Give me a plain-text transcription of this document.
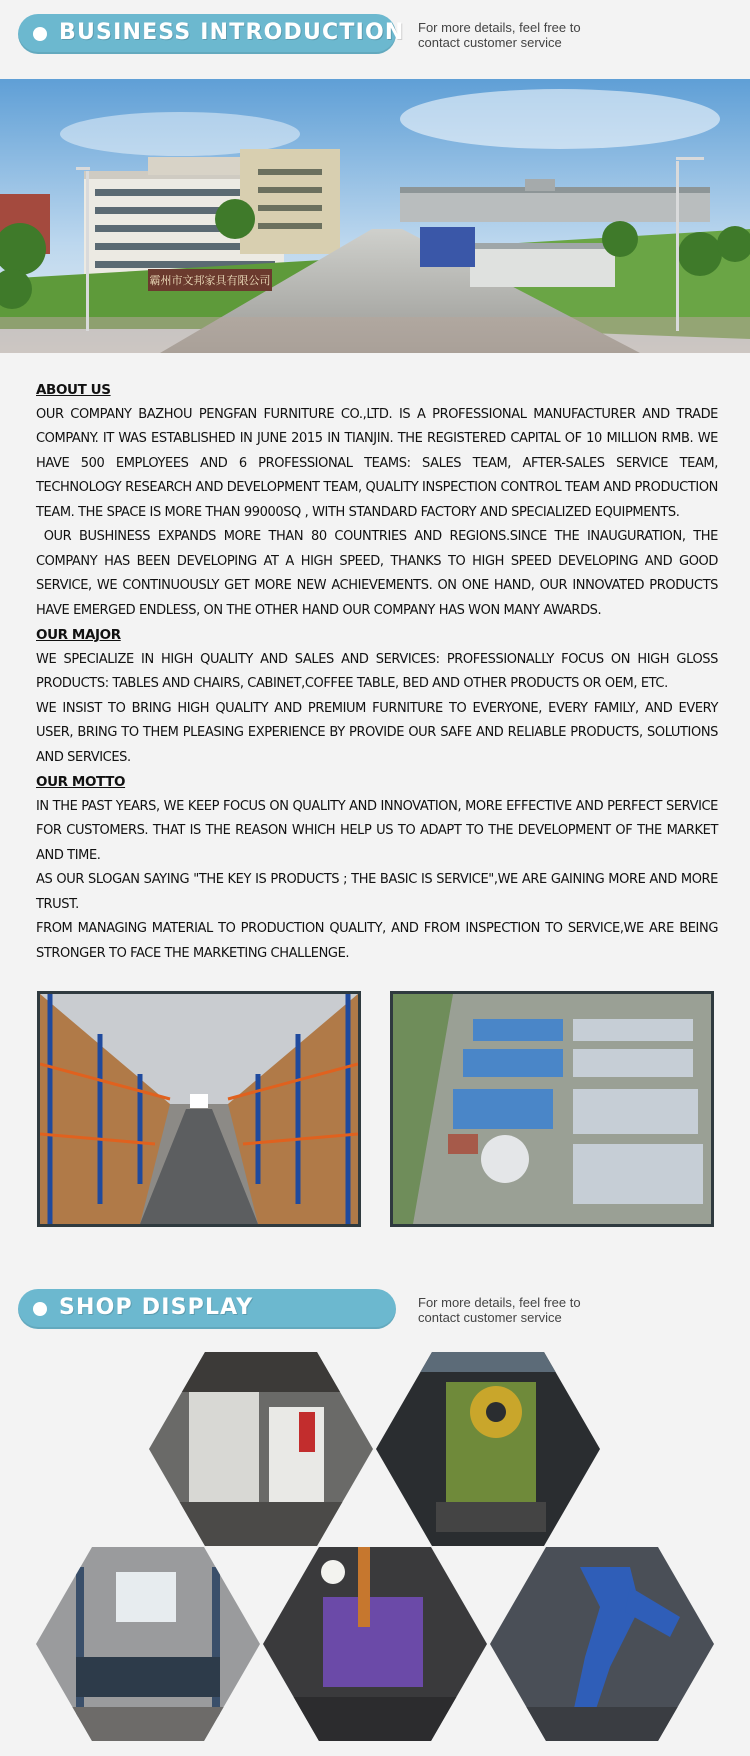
BUSINESS INTRODUCTION For more details, feel free to
contact customer service
霸州市文邦家具有限公司
ABOUT US

OUR COMPANY BAZHOU PENGFAN FURNITURE CO.,LTD. IS A PROFESSIONAL MANUFACTURER AND TRADE COMPANY. IT WAS ESTABLISHED IN JUNE 2015 IN TIANJIN. THE REGISTERED CAPITAL OF 10 MILLION RMB. WE HAVE 500 EMPLOYEES AND 6 PROFESSIONAL TEAMS: SALES TEAM, AFTER-SALES SERVICE TEAM, TECHNOLOGY RESEARCH AND DEVELOPMENT TEAM, QUALITY INSPECTION CONTROL TEAM AND PRODUCTION TEAM. THE SPACE IS MORE THAN 99000SQ , WITH STANDARD FACTORY AND SPECIALIZED EQUIPMENTS.

OUR BUSHINESS EXPANDS MORE THAN 80 COUNTRIES AND REGIONS.SINCE THE INAUGURATION, THE COMPANY HAS BEEN DEVELOPING AT A HIGH SPEED, THANKS TO HIGH SPEED DEVELOPING AND GOOD SERVICE, WE CONTINUOUSLY GET MORE NEW ACHIEVEMENTS. ON ONE HAND, OUR INNOVATED PRODUCTS HAVE EMERGED ENDLESS, ON THE OTHER HAND OUR COMPANY HAS WON MANY AWARDS.

OUR MAJOR

WE SPECIALIZE IN HIGH QUALITY AND SALES AND SERVICES: PROFESSIONALLY FOCUS ON HIGH GLOSS PRODUCTS: TABLES AND CHAIRS, CABINET,COFFEE TABLE, BED AND OTHER PRODUCTS OR OEM, ETC.

WE INSIST TO BRING HIGH QUALITY AND PREMIUM FURNITURE TO EVERYONE, EVERY FAMILY, AND EVERY USER, BRING TO THEM PLEASING EXPERIENCE BY PROVIDE OUR SAFE AND RELIABLE PRODUCTS, SOLUTIONS AND SERVICES.

OUR MOTTO

IN THE PAST YEARS, WE KEEP FOCUS ON QUALITY AND INNOVATION, MORE EFFECTIVE AND PERFECT SERVICE FOR CUSTOMERS. THAT IS THE REASON WHICH HELP US TO ADAPT TO THE DEVELOPMENT OF THE MARKET AND TIME.

AS OUR SLOGAN SAYING "THE KEY IS PRODUCTS ; THE BASIC IS SERVICE",WE ARE GAINING MORE AND MORE TRUST.

FROM MANAGING MATERIAL TO PRODUCTION QUALITY, AND FROM INSPECTION TO SERVICE,WE ARE BEING STRONGER TO FACE THE MARKETING CHALLENGE.

SHOP DISPLAY	For more details, feel free to
contact customer service
